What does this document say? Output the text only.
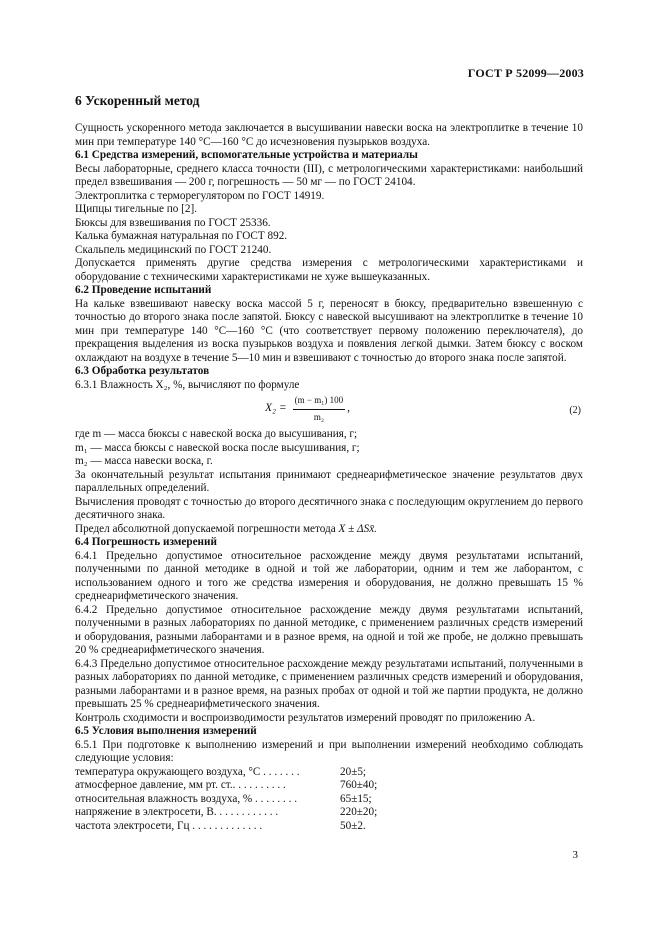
ГОСТ Р 52099—2003
6 Ускоренный метод

Сущность ускоренного метода заключается в высушивании навески воска на электроплитке в течение 10 мин при температуре 140 °С—160 °С до исчезновения пузырьков воздуха.

6.1 Средства измерений, вспомогательные устройства и материалы

Весы лабораторные, среднего класса точности (III), с метрологическими характеристиками: наибольший предел взвешивания — 200 г, погрешность — 50 мг — по ГОСТ 24104.

Электроплитка с терморегулятором по ГОСТ 14919.

Щипцы тигельные по [2].

Бюксы для взвешивания по ГОСТ 25336.

Калька бумажная натуральная по ГОСТ 892.

Скальпель медицинский по ГОСТ 21240.

Допускается применять другие средства измерения с метрологическими характеристиками и оборудование с техническими характеристиками не хуже вышеуказанных.

6.2 Проведение испытаний

На кальке взвешивают навеску воска массой 5 г, переносят в бюксу, предварительно взвешенную с точностью до второго знака после запятой. Бюксу с навеской высушивают на электроплитке в течение 10 мин при температуре 140 °С—160 °С (что соответствует первому положению переключателя), до прекращения выделения из воска пузырьков воздуха и появления легкой дымки. Затем бюксу с воском охлаждают на воздухе в течение 5—10 мин и взвешивают с точностью до второго знака после запятой.

6.3 Обработка результатов

6.3.1 Влажность X₂, %, вычисляют по формуле

$X_2 = \frac{\text{(m − m₁) 100}}{\text{m₂}}$ ,	(2)

где m — масса бюксы с навеской воска до высушивания, г;

m₁ — масса бюксы с навеской воска после высушивания, г;

m₂ — масса навески воска, г.

За окончательный результат испытания принимают среднеарифметическое значение результатов двух параллельных определений.

Вычисления проводят с точностью до второго десятичного знака с последующим округлением до первого десятичного знака.

Предел абсолютной допускаемой погрешности метода X ± ΔSx̄.

6.4 Погрешность измерений

6.4.1 Предельно допустимое относительное расхождение между двумя результатами испытаний, полученными по данной методике в одной и той же лаборатории, одним и тем же лаборантом, с использованием одного и того же средства измерения и оборудования, не должно превышать 15 % среднеарифметического значения.

6.4.2 Предельно допустимое относительное расхождение между двумя результатами испытаний, полученными в разных лабораториях по данной методике, с применением различных средств измерений и оборудования, разными лаборантами и в разное время, на одной и той же пробе, не должно превышать 20 % среднеарифметического значения.

6.4.3 Предельно допустимое относительное расхождение между результатами испытаний, полученными в разных лабораториях по данной методике, с применением различных средств измерений и оборудования, разными лаборантами и в разное время, на разных пробах от одной и той же партии продукта, не должно превышать 25 % среднеарифметического значения.

Контроль сходимости и воспроизводимости результатов измерений проводят по приложению А.

6.5 Условия выполнения измерений

6.5.1 При подготовке к выполнению измерений и при выполнении измерений необходимо соблюдать следующие условия:

температура окружающего воздуха, °С . . . . . . .	20±5;
атмосферное давление, мм рт. ст.. . . . . . . . . .	760±40;
относительная влажность воздуха, % . . . . . . . .	65±15;
напряжение в электросети, В. . . . . . . . . . . .	220±20;
частота электросети, Гц . . . . . . . . . . . . .	50±2.
3
